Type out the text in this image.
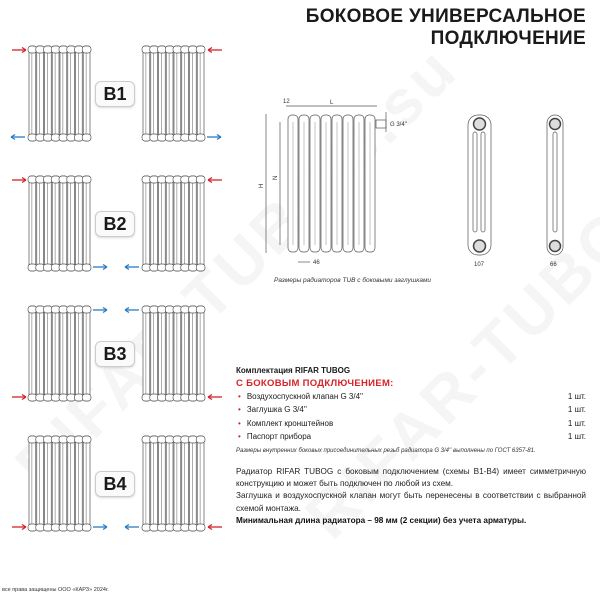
БОКОВОЕ УНИВЕРСАЛЬНОЕ
ПОДКЛЮЧЕНИЕ
B1
B2
B3
B4
G 3/4''
L
12
H
N
46	107	66
Размеры радиаторов TUB с боковыми заглушками
Комплектация RIFAR TUBOG
С БОКОВЫМ ПОДКЛЮЧЕНИЕМ:
• Воздухоспускной клапан G 3/4''	1 шт.
• Заглушка G 3/4''	1 шт.
• Комплект кронштейнов	1 шт.
• Паспорт прибора	1 шт.
Размеры внутренних боковых присоединительных резьб радиатора G 3/4'' выполнены по ГОСТ 6357-81.
Радиатор RIFAR TUBOG с боковым подключением (схемы В1-В4) имеет симметричную конструкцию и может быть подключен по любой из схем.
Заглушка и воздухоспускной клапан могут быть перенесены в соответствии с выбранной схемой монтажа.
Минимальная длина радиатора – 98 мм (2 секции) без учета арматуры.
все права защищены ООО «КАРЗ» 2024г.
